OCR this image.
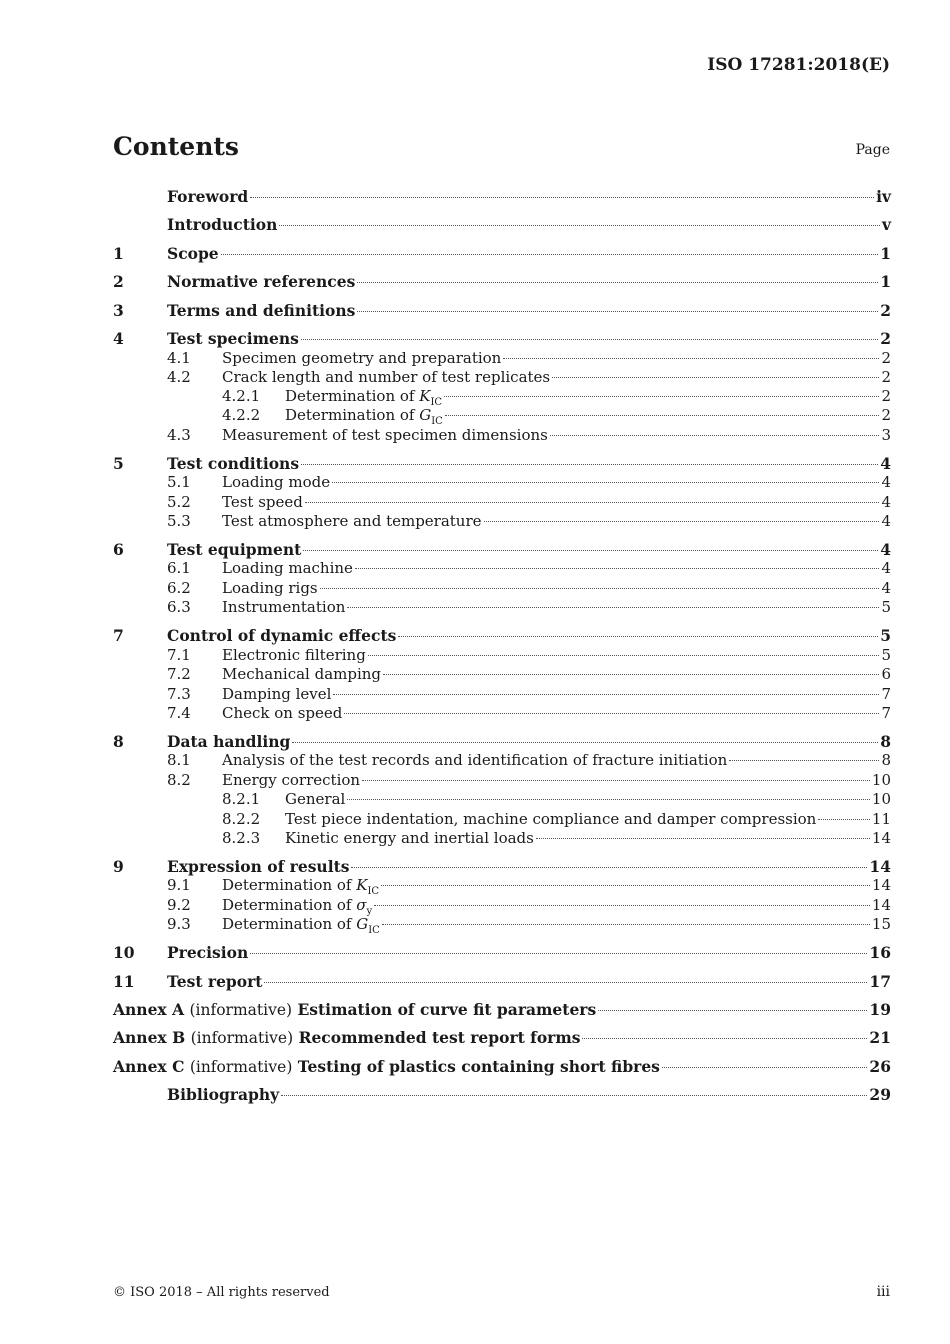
ISO 17281:2018(E)
Contents	Page
Foreword	iv
Introduction	v
1	Scope	1
2	Normative references	1
3	Terms and definitions	2
4	Test specimens	2
4.1	Specimen geometry and preparation	2
4.2	Crack length and number of test replicates	2
4.2.1	Determination of $K_{IC}$	2
4.2.2	Determination of $G_{IC}$	2
4.3	Measurement of test specimen dimensions	3
5	Test conditions	4
5.1	Loading mode	4
5.2	Test speed	4
5.3	Test atmosphere and temperature	4
6	Test equipment	4
6.1	Loading machine	4
6.2	Loading rigs	4
6.3	Instrumentation	5
7	Control of dynamic effects	5
7.1	Electronic filtering	5
7.2	Mechanical damping	6
7.3	Damping level	7
7.4	Check on speed	7
8	Data handling	8
8.1	Analysis of the test records and identification of fracture initiation	8
8.2	Energy correction	10
8.2.1	General	10
8.2.2	Test piece indentation, machine compliance and damper compression	11
8.2.3	Kinetic energy and inertial loads	14
9	Expression of results	14
9.1	Determination of $K_{IC}$	14
9.2	Determination of $\sigma_y$	14
9.3	Determination of $G_{IC}$	15
10	Precision	16
11	Test report	17
Annex A (informative) Estimation of curve fit parameters	19
Annex B (informative) Recommended test report forms	21
Annex C (informative) Testing of plastics containing short fibres	26
Bibliography	29
© ISO 2018 – All rights reserved	iii
